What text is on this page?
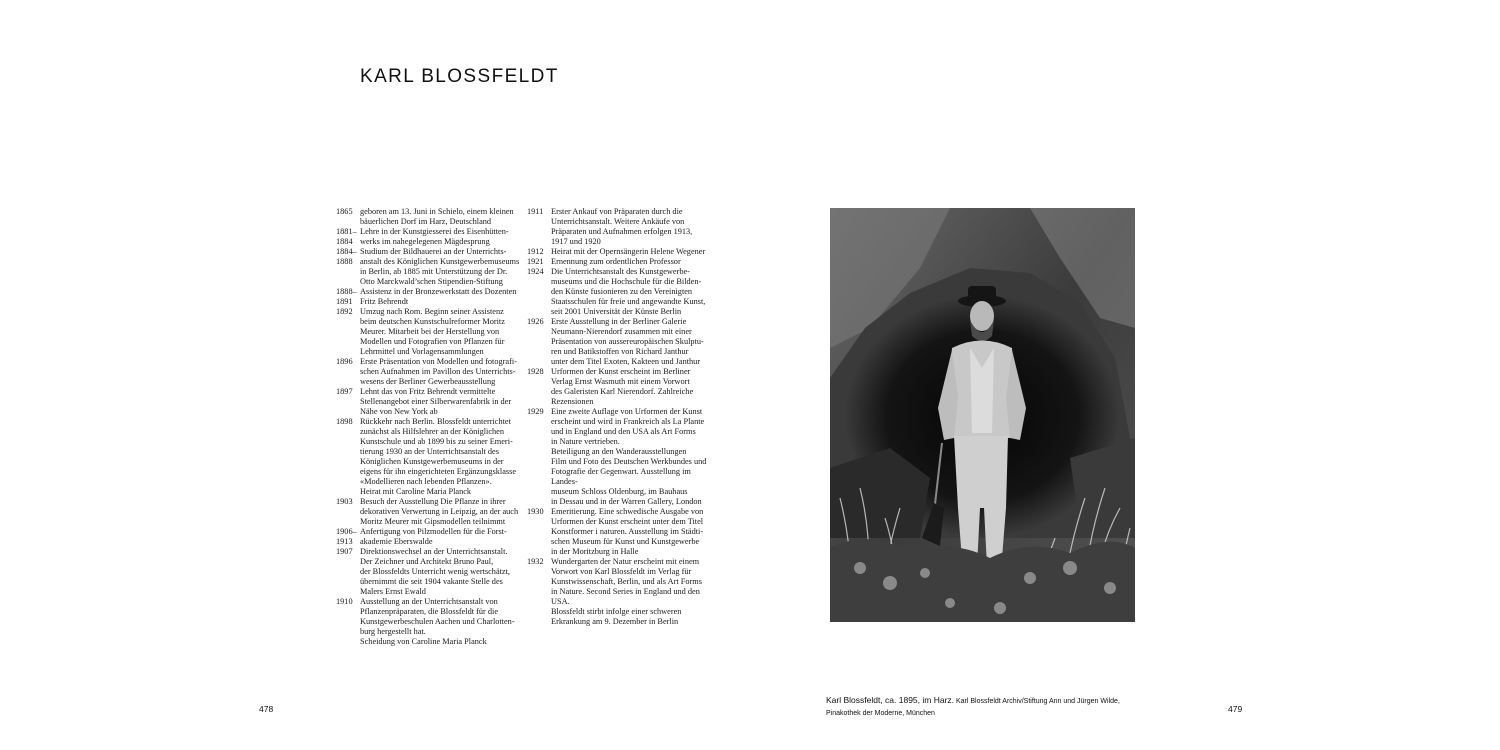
KARL BLOSSFELDT
1865 geboren am 13. Juni in Schielo, einem kleinen
bäuerlichen Dorf im Harz, Deutschland
1881–
1884
Lehre in der Kunstgiesserei des Eisenhütten-
werks im nahegelegenen Mägdesprung
1884–
1888
Studium der Bildhauerei an der Unterrichts-
anstalt des Königlichen Kunstgewerbemuseums
in Berlin, ab 1885 mit Unterstützung der Dr.
Otto Marckwald’schen Stipendien-Stiftung
1888– Assistenz in der Bronzewerkstatt des Dozenten
1891 Fritz Behrendt
1892 Umzug nach Rom. Beginn seiner Assistenz
beim deutschen Kunstschulreformer Moritz
Meurer. Mitarbeit bei der Herstellung von
Modellen und Fotografien von Pflanzen für
Lehrmittel und Vorlagensammlungen
1896 Erste Präsentation von Modellen und fotografi-
schen Aufnahmen im Pavillon des Unterrichts-
wesens der Berliner Gewerbeausstellung
1897 Lehnt das von Fritz Behrendt vermittelte
Stellenangebot einer Silberwarenfabrik in der
Nähe von New York ab
1898 Rückkehr nach Berlin. Blossfeldt unterrichtet
zunächst als Hilfslehrer an der Königlichen
Kunstschule und ab 1899 bis zu seiner Emeri-
tierung 1930 an der Unterrichtsanstalt des
Königlichen Kunstgewerbemuseums in der
eigens für ihn eingerichteten Ergänzungsklasse
«Modellieren nach lebenden Pflanzen».
Heirat mit Caroline Maria Planck
1903 Besuch der Ausstellung Die Pflanze in ihrer
dekorativen Verwertung in Leipzig, an der auch
Moritz Meurer mit Gipsmodellen teilnimmt
1906–
1913
Anfertigung von Pilzmodellen für die Forst-
akademie Eberswalde
1907 Direktionswechsel an der Unterrichtsanstalt.
Der Zeichner und Architekt Bruno Paul,
der Blossfeldts Unterricht wenig wertschätzt,
übernimmt die seit 1904 vakante Stelle des
Malers Ernst Ewald
1910 Ausstellung an der Unterrichtsanstalt von
Pflanzenpräparaten, die Blossfeldt für die
Kunstgewerbeschulen Aachen und Charlotten-
burg hergestellt hat.
Scheidung von Caroline Maria Planck
1911 Erster Ankauf von Präparaten durch die
Unterrichtsanstalt. Weitere Ankäufe von
Präparaten und Aufnahmen erfolgen 1913,
1917 und 1920
1912 Heirat mit der Opernsängerin Helene Wegener
1921 Ernennung zum ordentlichen Professor
1924 Die Unterrichtsanstalt des Kunstgewerbe-
museums und die Hochschule für die Bilden-
den Künste fusionieren zu den Vereinigten
Staatsschulen für freie und angewandte Kunst,
seit 2001 Universität der Künste Berlin
1926 Erste Ausstellung in der Berliner Galerie
Neumann-Nierendorf zusammen mit einer
Präsentation von aussereuropäischen Skulptu-
ren und Batikstoffen von Richard Janthur
unter dem Titel Exoten, Kakteen und Janthur
1928 Urformen der Kunst erscheint im Berliner
Verlag Ernst Wasmuth mit einem Vorwort
des Galeristen Karl Nierendorf. Zahlreiche
Rezensionen
1929 Eine zweite Auflage von Urformen der Kunst
erscheint und wird in Frankreich als La Plante
und in England und den USA als Art Forms
in Nature vertrieben.
Beteiligung an den Wanderausstellungen
Film und Foto des Deutschen Werkbundes und
Fotografie der Gegenwart. Ausstellung im Landes-
museum Schloss Oldenburg, im Bauhaus
in Dessau und in der Warren Gallery, London
1930 Emeritierung. Eine schwedische Ausgabe von
Urformen der Kunst erscheint unter dem Titel
Konstformer i naturen. Ausstellung im Städti-
schen Museum für Kunst und Kunstgewerbe
in der Moritzburg in Halle
1932 Wundergarten der Natur erscheint mit einem
Vorwort von Karl Blossfeldt im Verlag für
Kunstwissenschaft, Berlin, und als Art Forms
in Nature. Second Series in England und den
USA.
Blossfeldt stirbt infolge einer schweren
Erkrankung am 9. Dezember in Berlin
Karl Blossfeldt, ca. 1895, im Harz. Karl Blossfeldt Archiv/Stiftung Ann und Jürgen Wilde,
Pinakothek der Moderne, München
478	479
